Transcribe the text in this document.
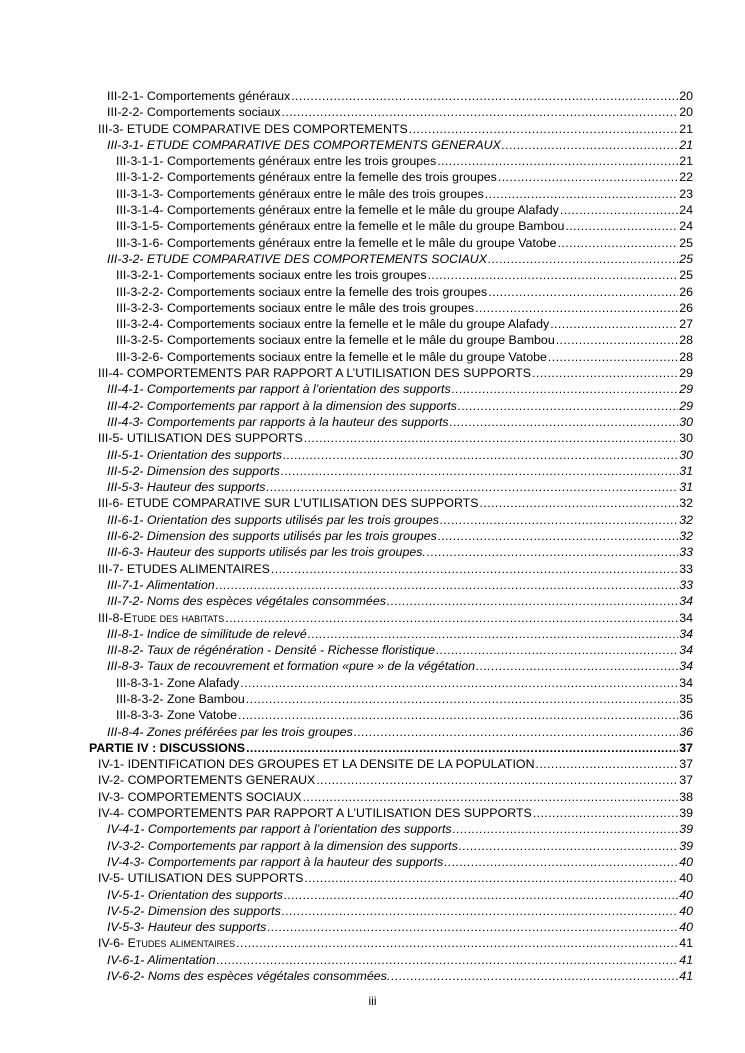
III-2-1- Comportements généraux .....	20
III-2-2- Comportements sociaux .....	20
III-3- ETUDE COMPARATIVE DES COMPORTEMENTS .....	21
III-3-1- ETUDE COMPARATIVE DES COMPORTEMENTS GENERAUX .....	21
III-3-1-1- Comportements généraux entre les trois groupes .....	21
III-3-1-2- Comportements généraux entre la femelle des trois groupes .....	22
III-3-1-3- Comportements généraux entre le mâle des trois groupes .....	23
III-3-1-4- Comportements généraux entre la femelle et le mâle du groupe Alafady .....	24
III-3-1-5- Comportements généraux entre la femelle et le mâle du groupe Bambou .....	24
III-3-1-6- Comportements généraux entre la femelle et le mâle du groupe Vatobe .....	25
III-3-2- ETUDE COMPARATIVE DES COMPORTEMENTS SOCIAUX .....	25
III-3-2-1- Comportements sociaux entre les trois groupes .....	25
III-3-2-2- Comportements sociaux entre la femelle des trois groupes .....	26
III-3-2-3- Comportements sociaux entre le mâle des trois groupes .....	26
III-3-2-4- Comportements sociaux entre la femelle et le mâle du groupe Alafady .....	27
III-3-2-5- Comportements sociaux entre la femelle et le mâle du groupe Bambou .....	28
III-3-2-6- Comportements sociaux entre la femelle et le mâle du groupe Vatobe .....	28
III-4- COMPORTEMENTS PAR RAPPORT A L’UTILISATION DES SUPPORTS .....	29
III-4-1- Comportements par rapport à l’orientation des supports .....	29
III-4-2- Comportements par rapport à la dimension des supports .....	29
III-4-3- Comportements par rapports à la hauteur des supports .....	30
III-5- UTILISATION DES SUPPORTS .....	30
III-5-1- Orientation des supports .....	30
III-5-2- Dimension des supports .....	31
III-5-3- Hauteur des supports .....	31
III-6- ETUDE COMPARATIVE SUR L’UTILISATION DES SUPPORTS .....	32
III-6-1- Orientation des supports utilisés par les trois groupes .....	32
III-6-2- Dimension des supports utilisés par les trois groupes .....	32
III-6-3- Hauteur des supports utilisés par les trois groupes. .....	33
III-7- ETUDES ALIMENTAIRES .....	33
III-7-1- Alimentation .....	33
III-7-2- Noms des espèces végétales consommées .....	34
III-8-Etude des habitats .....	34
III-8-1- Indice de similitude de relevé .....	34
III-8-2- Taux de régénération - Densité - Richesse floristique .....	34
III-8-3- Taux de recouvrement et formation «pure » de la végétation .....	34
III-8-3-1- Zone Alafady .....	34
III-8-3-2- Zone Bambou .....	35
III-8-3-3- Zone Vatobe .....	36
III-8-4- Zones préférées par les trois groupes .....	36
PARTIE IV : DISCUSSIONS .....	37
IV-1- IDENTIFICATION DES GROUPES ET LA DENSITE DE LA POPULATION .....	37
IV-2- COMPORTEMENTS GENERAUX .....	37
IV-3- COMPORTEMENTS SOCIAUX .....	38
IV-4- COMPORTEMENTS PAR RAPPORT A L’UTILISATION DES SUPPORTS .....	39
IV-4-1- Comportements par rapport à l’orientation des supports .....	39
IV-3-2- Comportements par rapport à la dimension des supports .....	39
IV-4-3- Comportements par rapport à la hauteur des supports .....	40
IV-5- UTILISATION DES SUPPORTS .....	40
IV-5-1- Orientation des supports .....	40
IV-5-2- Dimension des supports .....	40
IV-5-3- Hauteur des supports .....	40
IV-6- Etudes alimentaires .....	41
IV-6-1- Alimentation .....	41
IV-6-2- Noms des espèces végétales consommées. .....	41
iii
